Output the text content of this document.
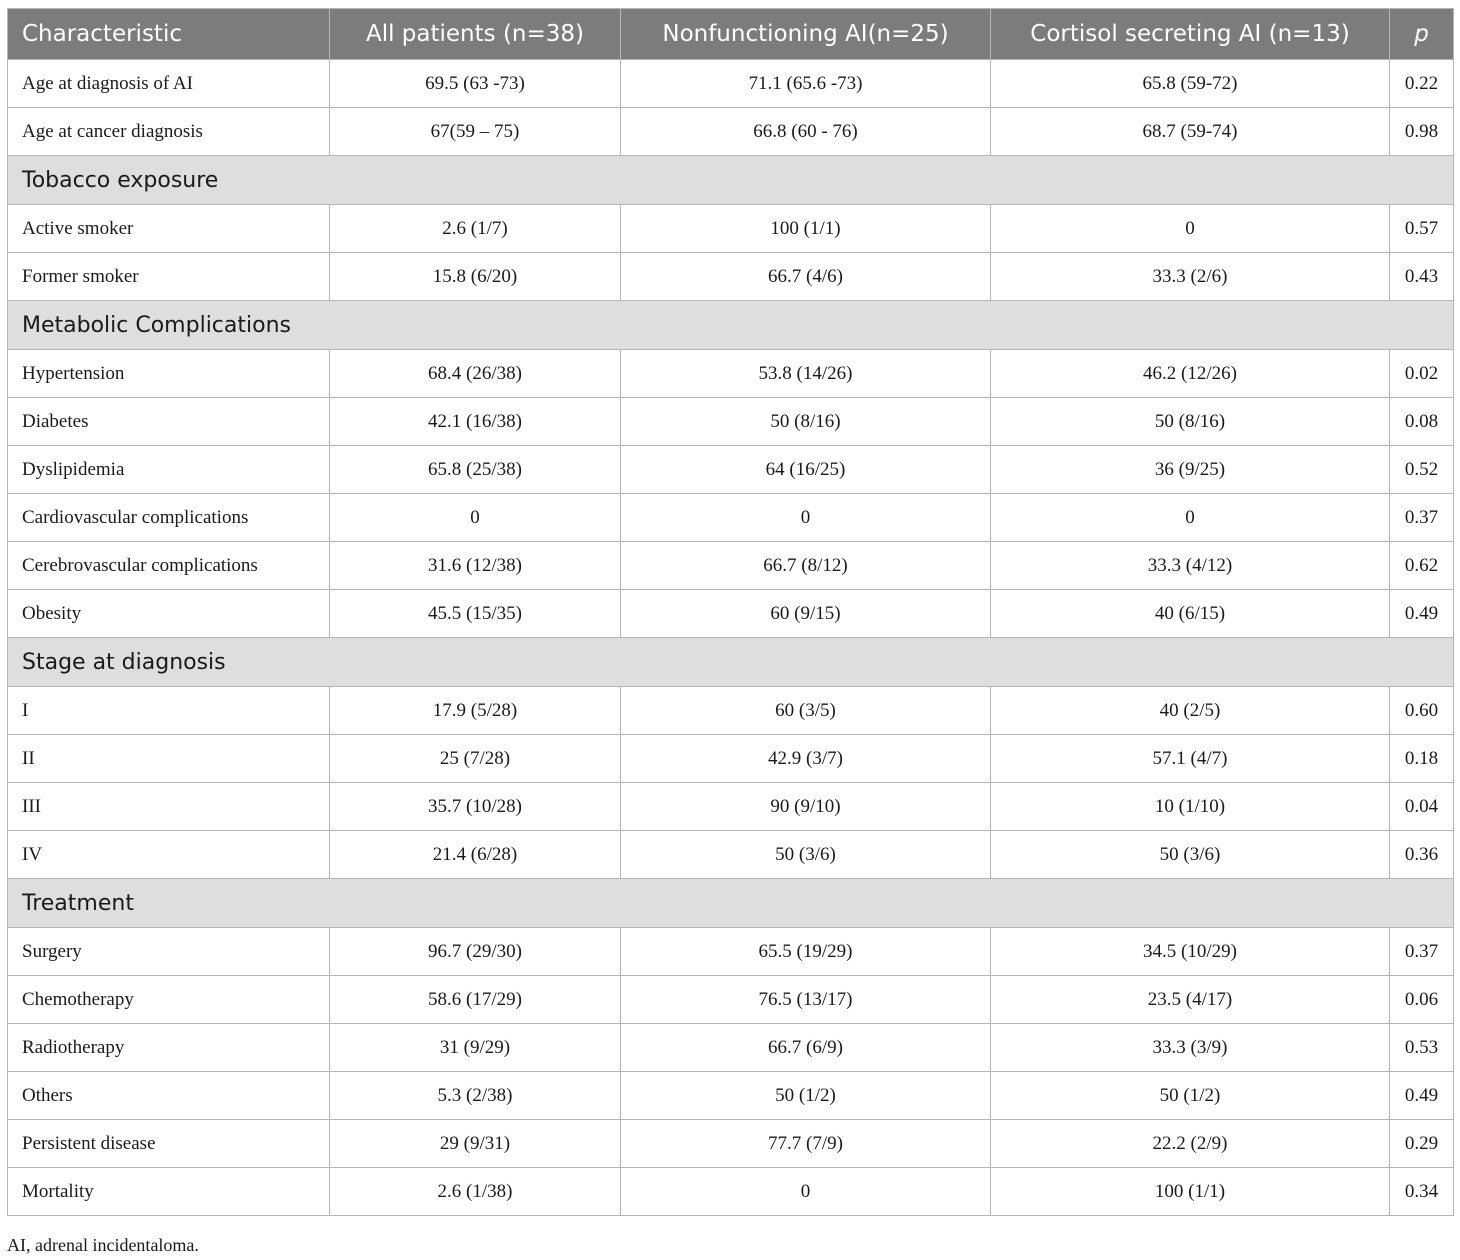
Characteristic	All patients (n=38)	Nonfunctioning AI(n=25)	Cortisol secreting AI (n=13)	p
Age at diagnosis of AI	69.5 (63 -73)	71.1 (65.6 -73)	65.8 (59-72)	0.22
Age at cancer diagnosis	67(59 – 75)	66.8 (60 - 76)	68.7 (59-74)	0.98
Tobacco exposure				
Active smoker	2.6 (1/7)	100 (1/1)	0	0.57
Former smoker	15.8 (6/20)	66.7 (4/6)	33.3 (2/6)	0.43
Metabolic Complications				
Hypertension	68.4 (26/38)	53.8 (14/26)	46.2 (12/26)	0.02
Diabetes	42.1 (16/38)	50 (8/16)	50 (8/16)	0.08
Dyslipidemia	65.8 (25/38)	64 (16/25)	36 (9/25)	0.52
Cardiovascular complications	0	0	0	0.37
Cerebrovascular complications	31.6 (12/38)	66.7 (8/12)	33.3 (4/12)	0.62
Obesity	45.5 (15/35)	60 (9/15)	40 (6/15)	0.49
Stage at diagnosis				
I	17.9 (5/28)	60 (3/5)	40 (2/5)	0.60
II	25 (7/28)	42.9 (3/7)	57.1 (4/7)	0.18
III	35.7 (10/28)	90 (9/10)	10 (1/10)	0.04
IV	21.4 (6/28)	50 (3/6)	50 (3/6)	0.36
Treatment				
Surgery	96.7 (29/30)	65.5 (19/29)	34.5 (10/29)	0.37
Chemotherapy	58.6 (17/29)	76.5 (13/17)	23.5 (4/17)	0.06
Radiotherapy	31 (9/29)	66.7 (6/9)	33.3 (3/9)	0.53
Others	5.3 (2/38)	50 (1/2)	50 (1/2)	0.49
Persistent disease	29 (9/31)	77.7 (7/9)	22.2 (2/9)	0.29
Mortality	2.6 (1/38)	0	100 (1/1)	0.34
AI, adrenal incidentaloma.
